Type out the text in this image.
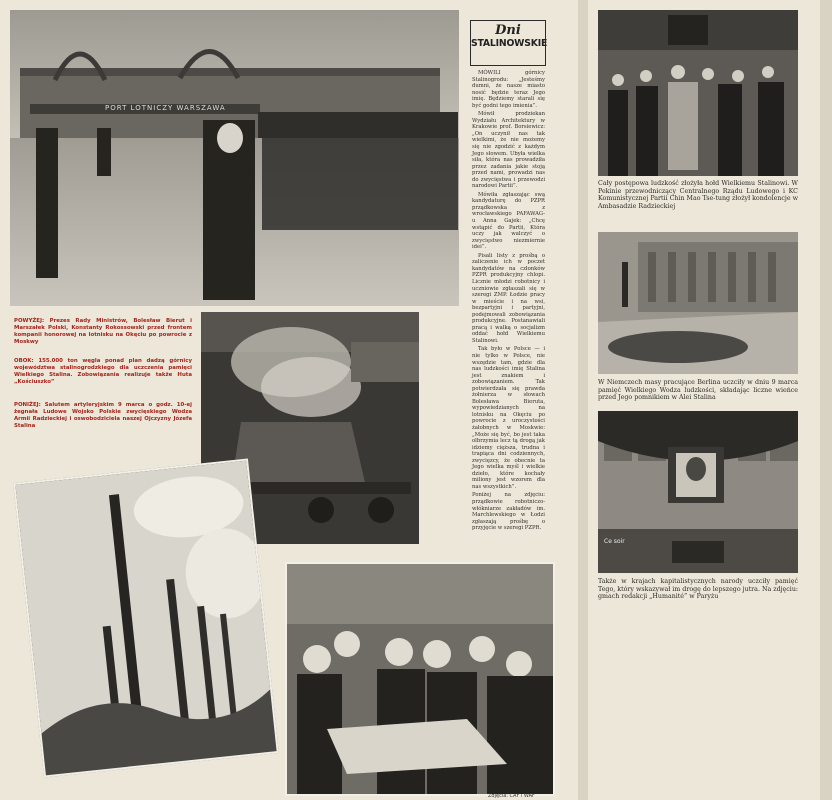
PORT LOTNICZY WARSZAWA
Dni
STALINOWSKIE

MÓWILI górnicy Stalinogrodu: „Jesteśmy dumni, że nasze miasto nosić będzie teraz Jego imię. Będziemy starali się być godni tego imienia”.

Mówił prodziekan Wydziału Architektury w Krakowie prof. Borsiewicz: „On uczynił nas tak wielkimi, że nie możemy się nie zgodzić z każdym Jego słowem. Ubyła wielka siła, która nas prowadziła przez zadania jakie stoją przed nami, prowadzi nas do zwycięstwa i przewodzi narodowi Partii”.

Mówiła zgłaszając swą kandydaturę do PZPR prządkowska z wrocławskiego PAFAWAG-u Anna Gajek: „Chcę wstąpić do Partii, Która uczy jak walczyć o zwycięstwo niezmiernie idei”.

Pisali listy z prośbą o zaliczenie ich w poczet kandydatów na członków PZPR produkcyjny chlopi. Licznie młodzi robotnicy i uczniowie zgłaszali się w szeregi ZMP. Łodzie pracy w mieście i na wsi, bezpartyjni i partyjni, podejmowali zobowiązania produkcyjne. Postanawiali pracą i walką o socjalizm oddać hołd Wielkiemu Stalinowi.

Tak było w Polsce — i nie tylko w Polsce, nie wszędzie tam, gdzie dla nas ludzkości imię Stalina jest znakiem i zobowiązaniem. Tak potwierdzała się prawda żołnierza w słowach Bolesława Bieruta, wypowiedzianych na lotnisku na Okęciu po powrocie z uroczystości żałobnych w Moskwie: „Może się być, bo jest taka olbrzymia lecz tą drogą jak idziemy cięższa, trudna i trapiąca dni codziennych, zwycięzcy, że obecnie ta Jego wielka myśl i wielkie dzieło, które kochały miliony jest wzorem dla nas wszystkich”.

Poniżej na zdjęciu: prządkowie robotniczo-włókniarze zakładów im. Marchlewskiego w Łodzi zgłaszają prośbę o przyjęcie w szeregi PZPR.

POWYŻEJ: Prezes Rady Ministrów, Bolesław Bierut i Marszałek Polski, Konstanty Rokossowski przed frontem kompanii honorowej na lotnisku na Okęciu po powrocie z Moskwy
OBOK: 155.000 ton węgla ponad plan dadzą górnicy województwa stalinogrodzkiego dla uczczenia pamięci Wielkiego Stalina. Zobowiązania realizuje także Huta „Kościuszko”
PONIŻEJ: Salutem artyleryjskim 9 marca o godz. 10-ej żegnała Ludowe Wojsko Polskie zwycięskiego Wodza Armii Radzieckiej i oswobodziciela naszej Ojczyzny Józefa Stalina
Zdjęcia: CAF i WAF
Cały postępowa ludzkość złożyła hołd Wielkiemu Stalinowi. W Pekinie przewodniczący Centralnego Rządu Ludowego i KC Komunistycznej Partii Chin Mao Tse-tung złożył kondolencje w Ambasadzie Radzieckiej
W Niemczech masy pracujące Berlina uczciły w dniu 9 marca pamięć Wielkiego Wodza ludzkości, składając liczne wieńce przed Jego pomnikiem w Alei Stalina
Ce soir
Także w krajach kapitalistycznych narody uczciły pamięć Tego, który wskazywał im drogę do lepszego jutra. Na zdjęciu: gmach redakcji „Humanité” w Paryżu
